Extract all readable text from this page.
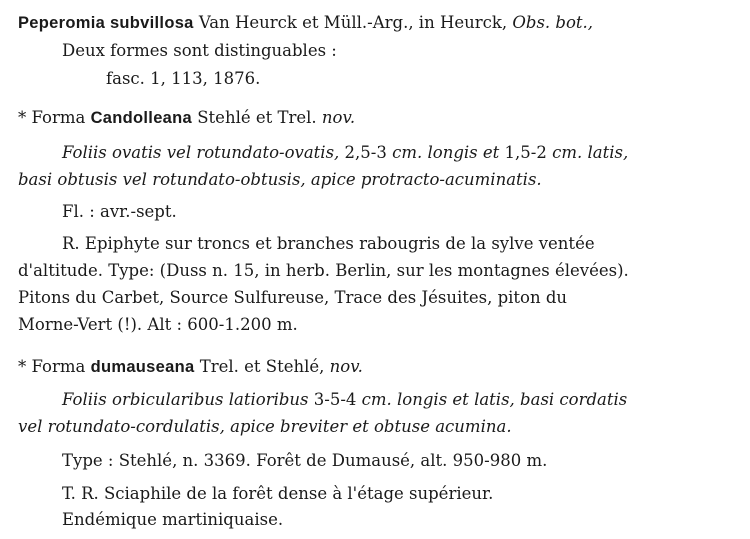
Peperomia subvillosa Van Heurck et Müll.-Arg., in Heurck, Obs. bot.,
Deux formes sont distinguables :
fasc. 1, 113, 1876.
* Forma Candolleana Stehlé et Trel. nov.
Foliis ovatis vel rotundato-ovatis, 2,5-3 cm. longis et 1,5-2 cm. latis,
basi obtusis vel rotundato-obtusis, apice protracto-acuminatis.
Fl. : avr.-sept.
R. Epiphyte sur troncs et branches rabougris de la sylve ventée
d'altitude. Type: (Duss n. 15, in herb. Berlin, sur les montagnes élevées).
Pitons du Carbet, Source Sulfureuse, Trace des Jésuites, piton du
Morne-Vert (!). Alt : 600-1.200 m.
* Forma dumauseana Trel. et Stehlé, nov.
Foliis orbicularibus latioribus 3-5-4 cm. longis et latis, basi cordatis
vel rotundato-cordulatis, apice breviter et obtuse acumina.
Type : Stehlé, n. 3369. Forêt de Dumausé, alt. 950-980 m.
T. R. Sciaphile de la forêt dense à l'étage supérieur.
Endémique martiniquaise.
